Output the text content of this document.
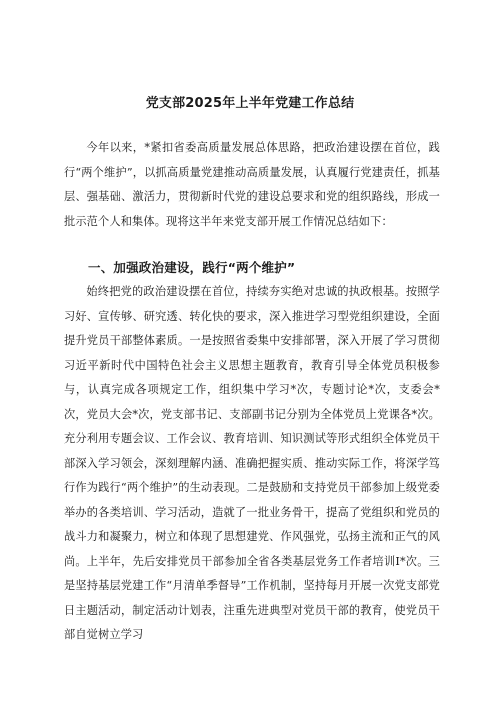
党支部2025年上半年党建工作总结

今年以来，*紧扣省委高质量发展总体思路，把政治建设摆在首位，践行“两个维护”，以抓高质量党建推动高质量发展，认真履行党建责任，抓基层、强基础、激活力，贯彻新时代党的建设总要求和党的组织路线，形成一批示范个人和集体。现将这半年来党支部开展工作情况总结如下：

一、加强政治建设，践行“两个维护”

始终把党的政治建设摆在首位，持续夯实绝对忠诚的执政根基。按照学习好、宣传够、研究透、转化快的要求，深入推进学习型党组织建设，全面提升党员干部整体素质。一是按照省委集中安排部署，深入开展了学习贯彻习近平新时代中国特色社会主义思想主题教育，教育引导全体党员积极参与，认真完成各项规定工作，组织集中学习*次，专题讨论*次，支委会*次，党员大会*次，党支部书记、支部副书记分别为全体党员上党课各*次。充分利用专题会议、工作会议、教育培训、知识测试等形式组织全体党员干部深入学习领会，深刻理解内涵、准确把握实质、推动实际工作，将深学笃行作为践行“两个维护”的生动表现。二是鼓励和支持党员干部参加上级党委举办的各类培训、学习活动，造就了一批业务骨干，提高了党组织和党员的战斗力和凝聚力，树立和体现了思想建党、作风强党，弘扬主流和正气的风尚。上半年，先后安排党员干部参加全省各类基层党务工作者培训I*次。三是坚持基层党建工作“月清单季督导”工作机制，坚持每月开展一次党支部党日主题活动，制定活动计划表，注重先进典型对党员干部的教育，使党员干部自觉树立学习
